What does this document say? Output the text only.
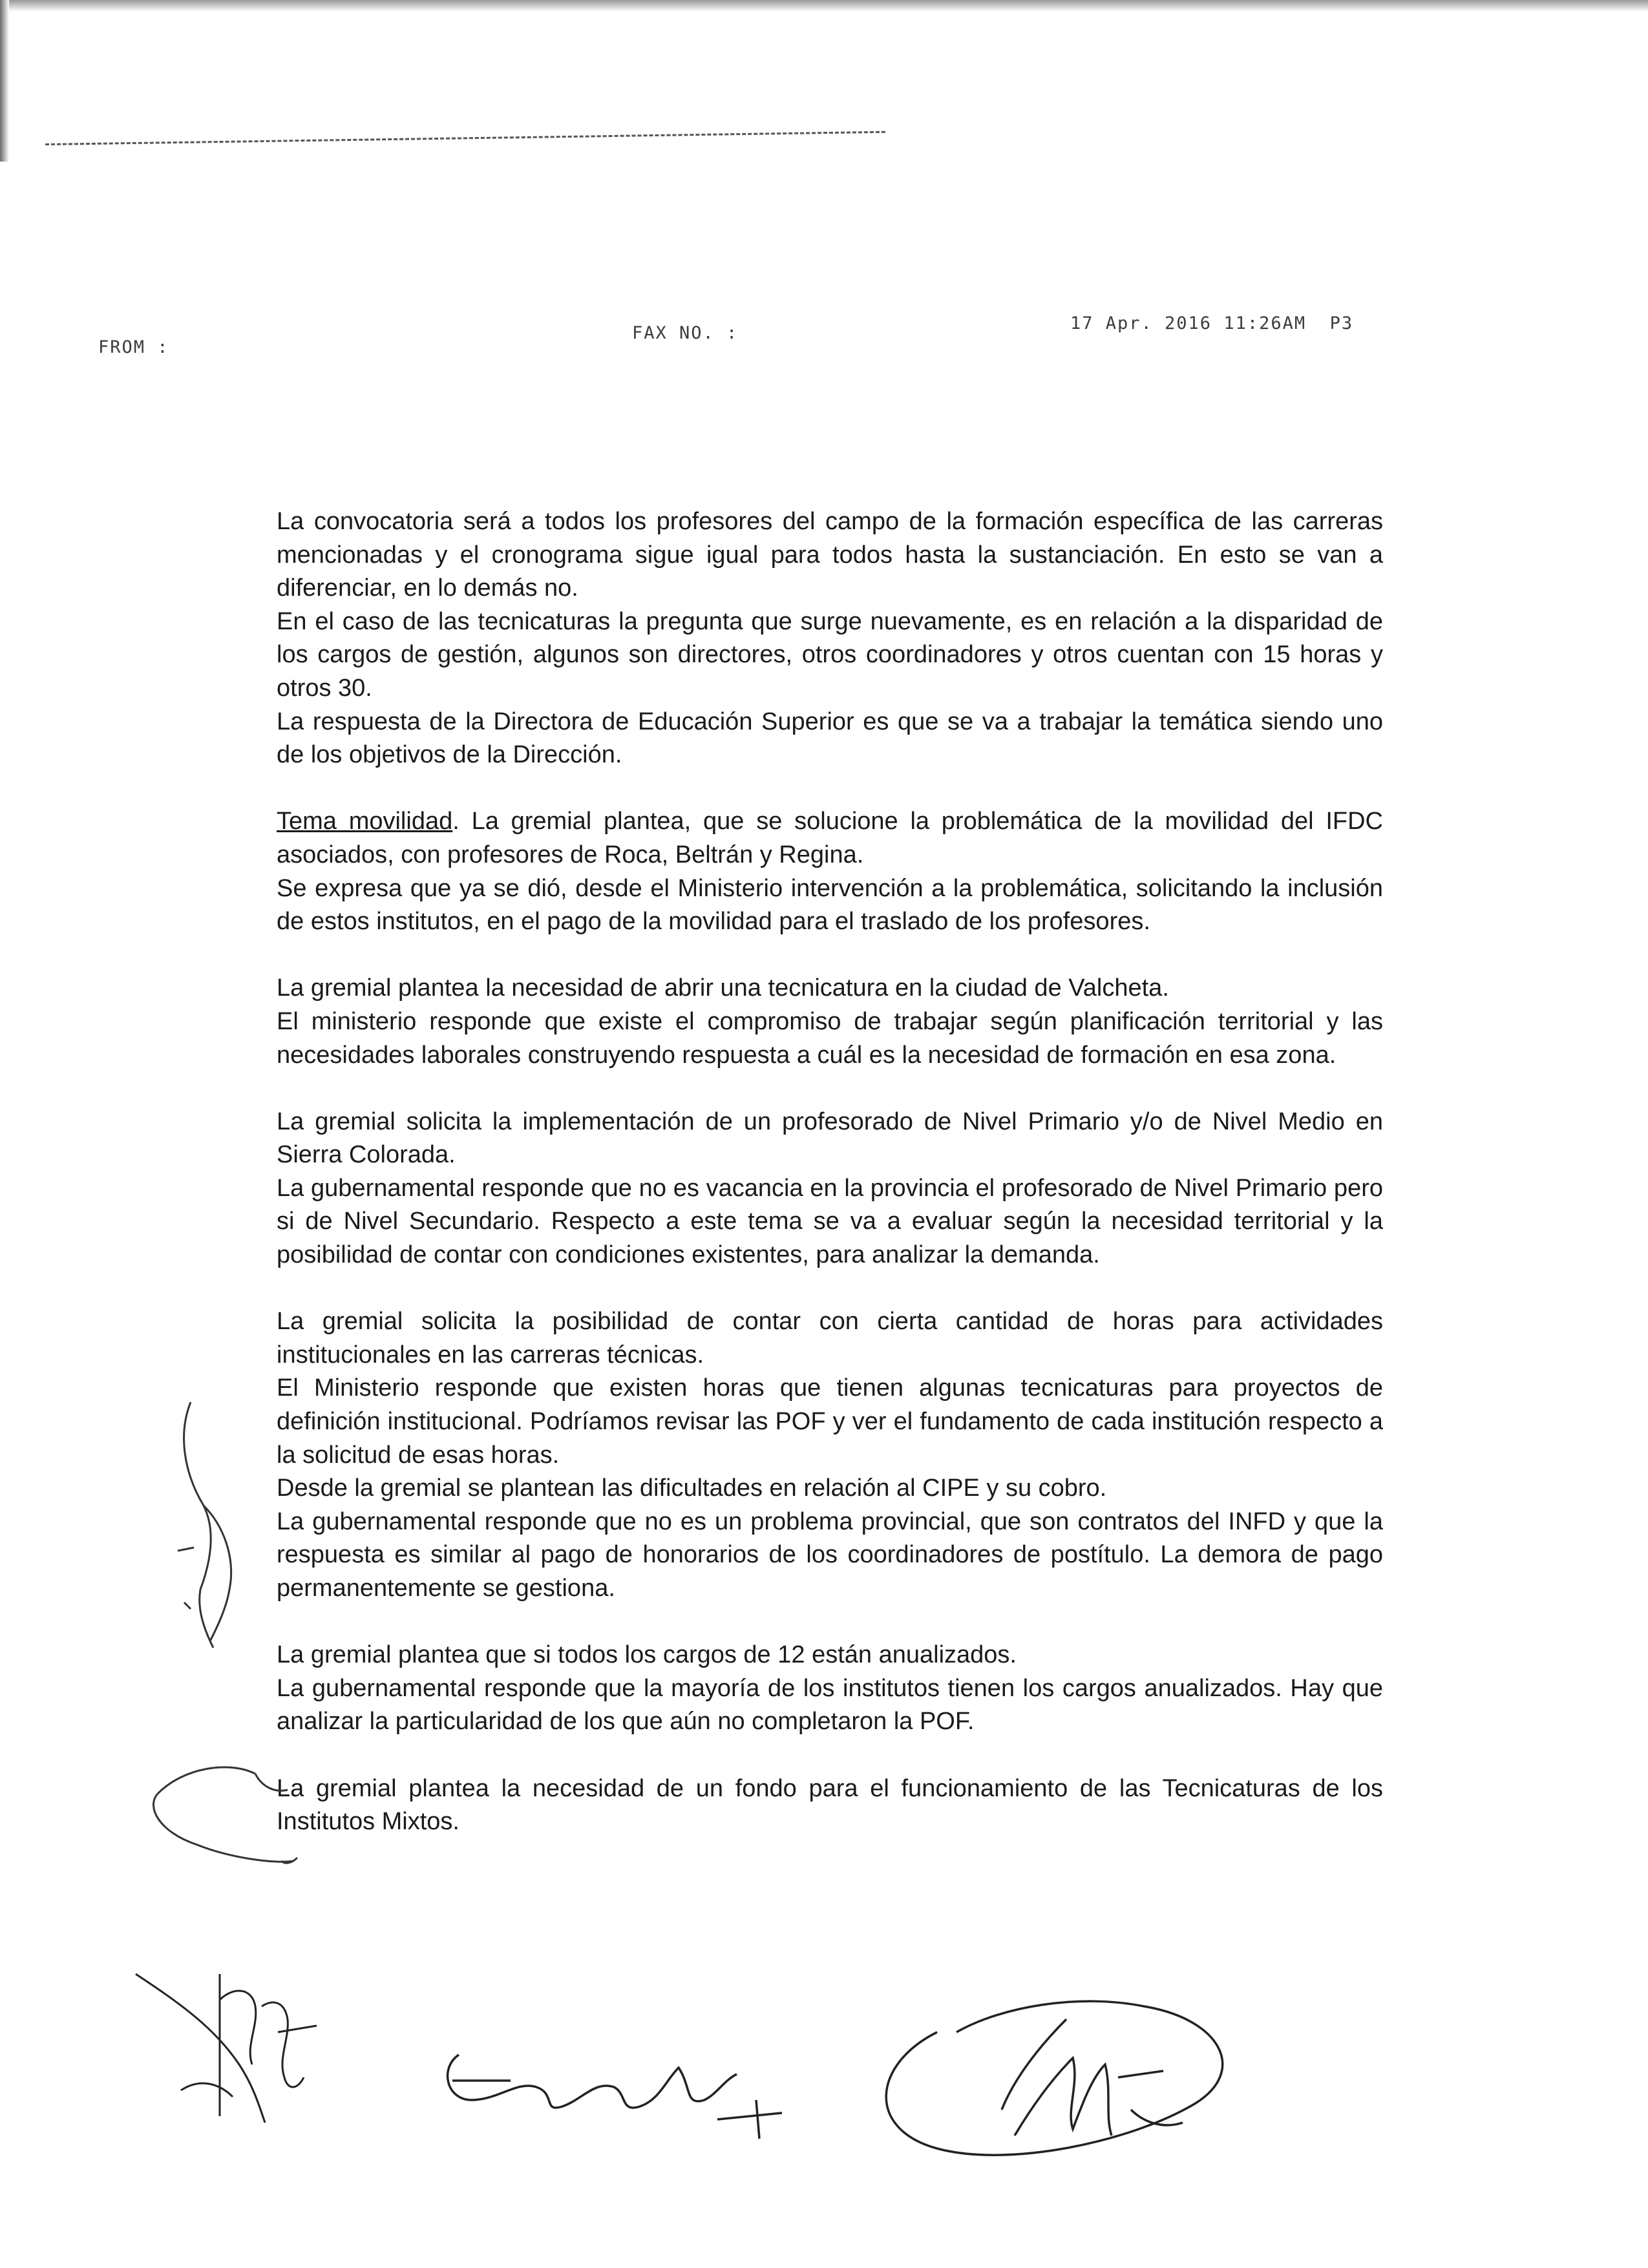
FROM :
FAX NO. :	17 Apr. 2016 11:26AM  P3

La convocatoria será a todos los profesores del campo de la formación específica de las carreras mencionadas y el cronograma sigue igual para todos hasta la sustanciación. En esto se van a diferenciar, en lo demás no.

En el caso de las tecnicaturas la pregunta que surge nuevamente, es en relación a la disparidad de los cargos de gestión, algunos son directores, otros coordinadores y otros cuentan con 15 horas y otros 30.

La respuesta de la Directora de Educación Superior es que se va a trabajar la temática siendo uno de los objetivos de la Dirección.

Tema movilidad. La gremial plantea, que se solucione la problemática de la movilidad del IFDC asociados, con profesores de Roca, Beltrán y Regina.

Se expresa que ya se dió, desde el Ministerio intervención a la problemática, solicitando la inclusión de estos institutos, en el pago de la movilidad para el traslado de los profesores.

La gremial plantea la necesidad de abrir una tecnicatura en la ciudad de Valcheta.

El ministerio responde que existe el compromiso de trabajar según planificación territorial y las necesidades laborales construyendo respuesta a cuál es la necesidad de formación en esa zona.

La gremial solicita la implementación de un profesorado de Nivel Primario y/o de Nivel Medio en Sierra Colorada.

La gubernamental responde que no es vacancia en la provincia el profesorado de Nivel Primario pero si de Nivel Secundario. Respecto a este tema se va a evaluar según la necesidad territorial y la posibilidad de contar con condiciones existentes, para analizar la demanda.

La gremial solicita la posibilidad de contar con cierta cantidad de horas para actividades institucionales en las carreras técnicas.

El Ministerio responde que existen horas que tienen algunas tecnicaturas para proyectos de definición institucional. Podríamos revisar las POF y ver el fundamento de cada institución respecto a la solicitud de esas horas.

Desde la gremial se plantean las dificultades en relación al CIPE y su cobro.

La gubernamental responde que no es un problema provincial, que son contratos del INFD y que la respuesta es similar al pago de honorarios de los coordinadores de postítulo. La demora de pago permanentemente se gestiona.

La gremial plantea que si todos los cargos de 12 están anualizados.

La gubernamental responde que la mayoría de los institutos tienen los cargos anualizados. Hay que analizar la particularidad de los que aún no completaron la POF.

La gremial plantea la necesidad de un fondo para el funcionamiento de las Tecnicaturas de los Institutos Mixtos.
